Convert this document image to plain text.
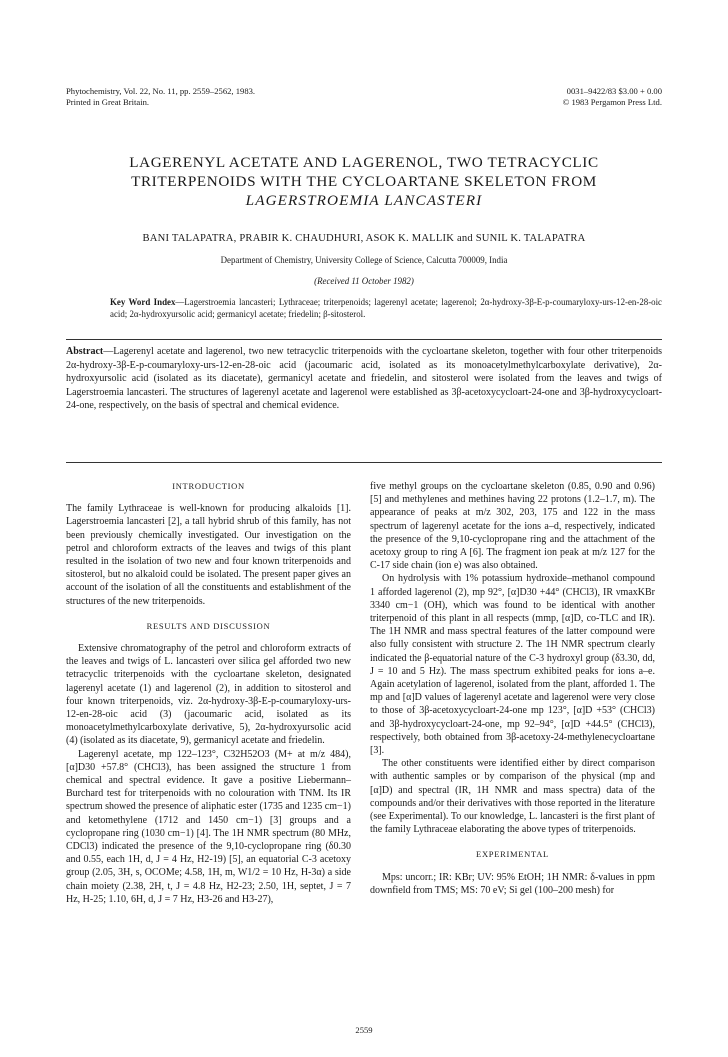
Phytochemistry, Vol. 22, No. 11, pp. 2559–2562, 1983.
Printed in Great Britain.
0031–9422/83 $3.00 + 0.00
© 1983 Pergamon Press Ltd.
LAGERENYL ACETATE AND LAGERENOL, TWO TETRACYCLIC
TRITERPENOIDS WITH THE CYCLOARTANE SKELETON FROM
LAGERSTROEMIA LANCASTERI
BANI TALAPATRA, PRABIR K. CHAUDHURI, ASOK K. MALLIK and SUNIL K. TALAPATRA
Department of Chemistry, University College of Science, Calcutta 700009, India
(Received 11 October 1982)
Key Word Index—Lagerstroemia lancasteri; Lythraceae; triterpenoids; lagerenyl acetate; lagerenol; 2α-hydroxy-3β-E-p-coumaryloxy-urs-12-en-28-oic acid; 2α-hydroxyursolic acid; germanicyl acetate; friedelin; β-sitosterol.
Abstract—Lagerenyl acetate and lagerenol, two new tetracyclic triterpenoids with the cycloartane skeleton, together with four other triterpenoids 2α-hydroxy-3β-E-p-coumaryloxy-urs-12-en-28-oic acid (jacoumaric acid, isolated as its monoacetylmethylcarboxylate derivative), 2α-hydroxyursolic acid (isolated as its diacetate), germanicyl acetate and friedelin, and sitosterol were isolated from the leaves and twigs of Lagerstroemia lancasteri. The structures of lagerenyl acetate and lagerenol were established as 3β-acetoxycycloart-24-one and 3β-hydroxycycloart-24-one, respectively, on the basis of spectral and chemical evidence.
INTRODUCTION

The family Lythraceae is well-known for producing alkaloids [1]. Lagerstroemia lancasteri [2], a tall hybrid shrub of this family, has not been previously chemically investigated. Our investigation on the petrol and chloroform extracts of the leaves and twigs of this plant resulted in the isolation of two new and four known triterpenoids and sitosterol, but no alkaloid could be isolated. The present paper gives an account of the isolation of all the constituents and establishment of the structures of the new triterpenoids.

RESULTS AND DISCUSSION

Extensive chromatography of the petrol and chloroform extracts of the leaves and twigs of L. lancasteri over silica gel afforded two new tetracyclic triterpenoids with the cycloartane skeleton, designated lagerenyl acetate (1) and lagerenol (2), in addition to sitosterol and four known triterpenoids, viz. 2α-hydroxy-3β-E-p-coumaryloxy-urs-12-en-28-oic acid (3) (jacoumaric acid, isolated as its monoacetylmethylcarboxylate derivative, 5), 2α-hydroxyursolic acid (4) (isolated as its diacetate, 9), germanicyl acetate and friedelin.

Lagerenyl acetate, mp 122–123°, C32H52O3 (M+ at m/z 484), [α]D30 +57.8° (CHCl3), has been assigned the structure 1 from chemical and spectral evidence. It gave a positive Liebermann–Burchard test for triterpenoids with no colouration with TNM. Its IR spectrum showed the presence of aliphatic ester (1735 and 1235 cm−1) and ketomethylene (1712 and 1450 cm−1) [3] groups and a cyclopropane ring (1030 cm−1) [4]. The 1H NMR spectrum (80 MHz, CDCl3) indicated the presence of the 9,10-cyclopropane ring (δ0.30 and 0.55, each 1H, d, J = 4 Hz, H2-19) [5], an equatorial C-3 acetoxy group (2.05, 3H, s, OCOMe; 4.58, 1H, m, W1/2 = 10 Hz, H-3α) a side chain moiety (2.38, 2H, t, J = 4.8 Hz, H2-23; 2.50, 1H, septet, J = 7 Hz, H-25; 1.10, 6H, d, J = 7 Hz, H3-26 and H3-27),

five methyl groups on the cycloartane skeleton (0.85, 0.90 and 0.96) [5] and methylenes and methines having 22 protons (1.2–1.7, m). The appearance of peaks at m/z 302, 203, 175 and 122 in the mass spectrum of lagerenyl acetate for the ions a–d, respectively, indicated the presence of the 9,10-cyclopropane ring and the attachment of the acetoxy group to ring A [6]. The fragment ion peak at m/z 127 for the C-17 side chain (ion e) was also obtained.

On hydrolysis with 1% potassium hydroxide–methanol compound 1 afforded lagerenol (2), mp 92°, [α]D30 +44° (CHCl3), IR νmaxKBr 3340 cm−1 (OH), which was found to be identical with another triterpenoid of this plant in all respects (mmp, [α]D, co-TLC and IR). The 1H NMR and mass spectral features of the latter compound were also fully consistent with structure 2. The 1H NMR spectrum clearly indicated the β-equatorial nature of the C-3 hydroxyl group (δ3.30, dd, J = 10 and 5 Hz). The mass spectrum exhibited peaks for ions a–e. Again acetylation of lagerenol, isolated from the plant, afforded 1. The mp and [α]D values of lagerenyl acetate and lagerenol were very close to those of 3β-acetoxycycloart-24-one mp 123°, [α]D +53° (CHCl3) and 3β-hydroxycycloart-24-one, mp 92–94°, [α]D +44.5° (CHCl3), respectively, both obtained from 3β-acetoxy-24-methylenecycloartane [3].

The other constituents were identified either by direct comparison with authentic samples or by comparison of the physical (mp and [α]D) and spectral (IR, 1H NMR and mass spectra) data of the compounds and/or their derivatives with those reported in the literature (see Experimental). To our knowledge, L. lancasteri is the first plant of the family Lythraceae elaborating the above types of triterpenoids.

EXPERIMENTAL

Mps: uncorr.; IR: KBr; UV: 95% EtOH; 1H NMR: δ-values in ppm downfield from TMS; MS: 70 eV; Si gel (100–200 mesh) for

2559
